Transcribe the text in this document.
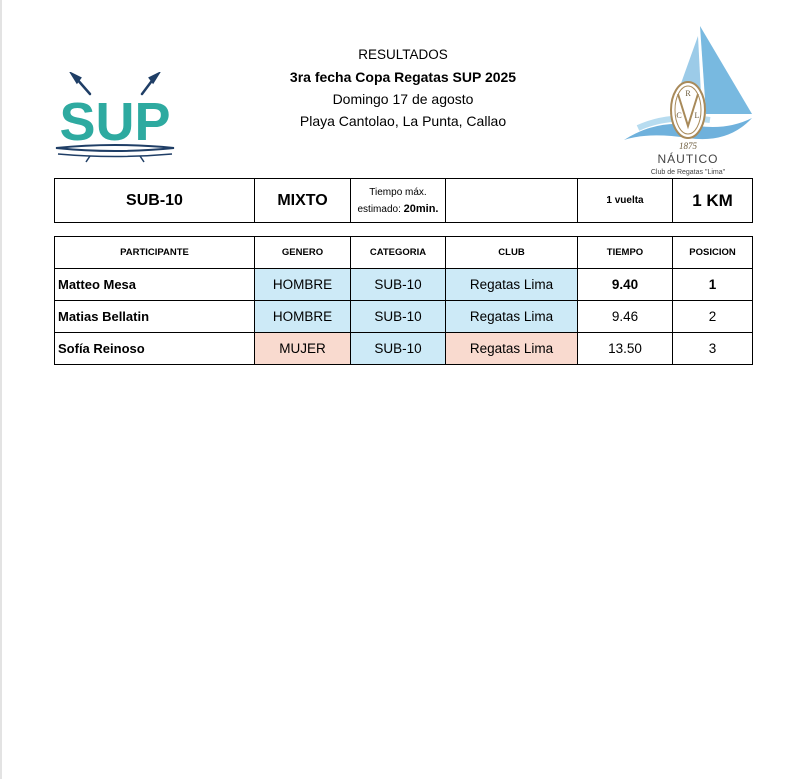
RESULTADOS
3ra fecha Copa Regatas SUP 2025
Domingo 17 de agosto
Playa Cantolao, La Punta, Callao
SUP	R
C L
1875
NÁUTICO
Club de Regatas "Lima"
SUB-10	MIXTO	Tiempo máx.
estimado: 20min.		1 vuelta	1 KM
PARTICIPANTE	GENERO	CATEGORIA	CLUB	TIEMPO	POSICION
Matteo Mesa	HOMBRE	SUB-10	Regatas Lima	9.40	1
Matias Bellatin	HOMBRE	SUB-10	Regatas Lima	9.46	2
Sofía Reinoso	MUJER	SUB-10	Regatas Lima	13.50	3
